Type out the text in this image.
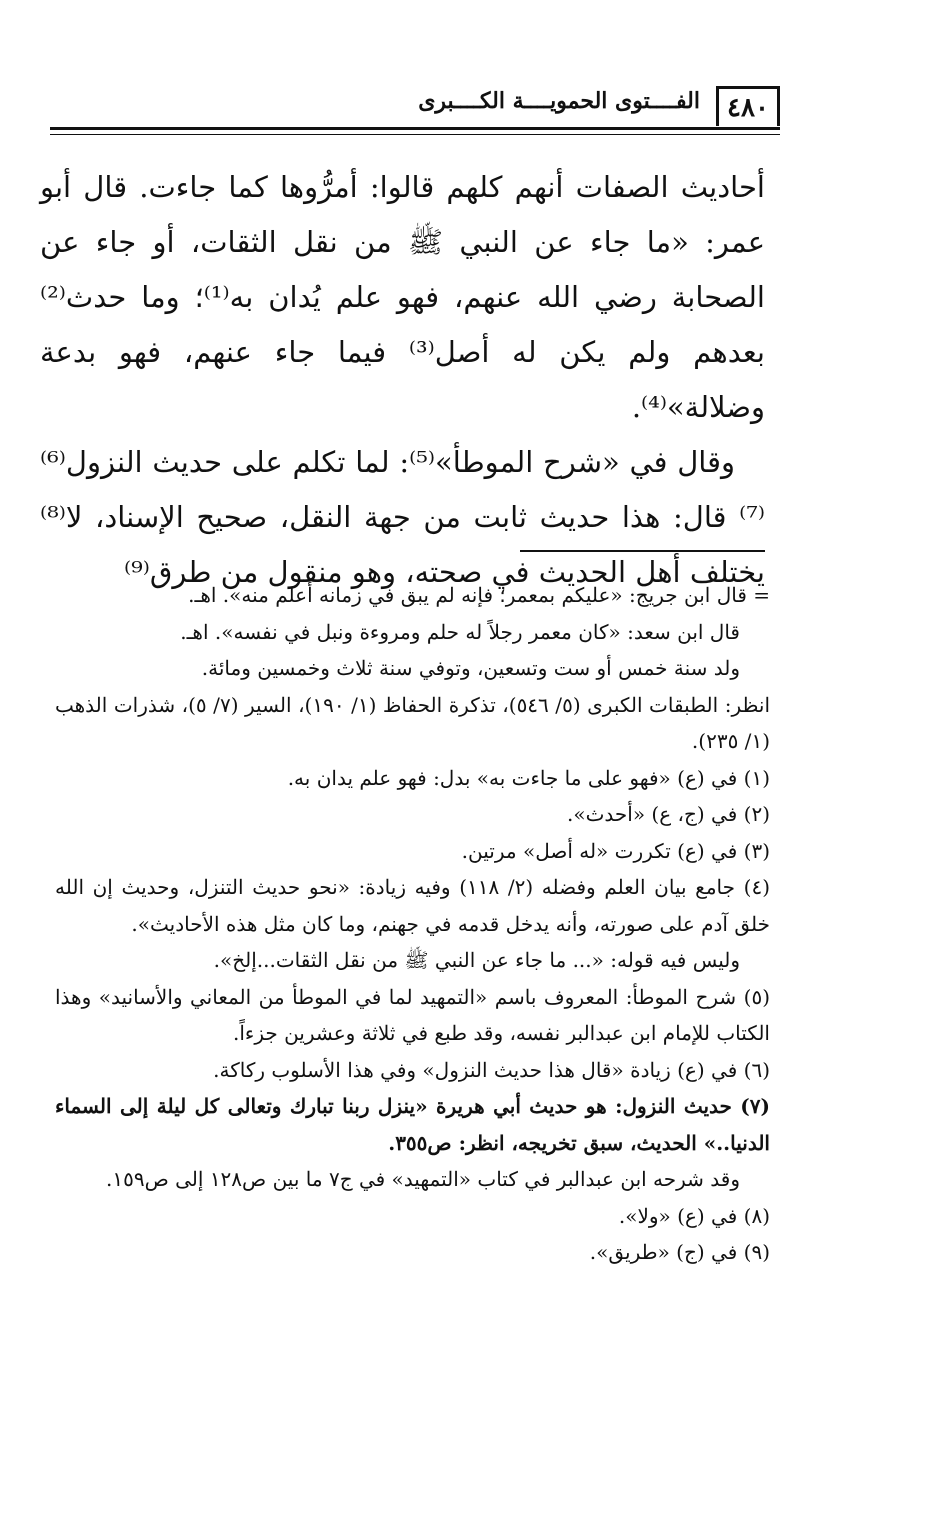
٤٨٠
الفــــتوى الحمويــــة الكــــبرى

أحاديث الصفات أنهم كلهم قالوا: أمرُّوها كما جاءت. قال أبو عمر: «ما جاء عن النبي ﷺ من نقل الثقات، أو جاء عن الصحابة رضي الله عنهم، فهو علم يُدان به⁽¹⁾؛ وما حدث⁽²⁾ بعدهم ولم يكن له أصل⁽³⁾ فيما جاء عنهم، فهو بدعة وضلالة»⁽⁴⁾.

وقال في «شرح الموطأ»⁽⁵⁾: لما تكلم على حديث النزول⁽⁶⁾ ⁽⁷⁾ قال: هذا حديث ثابت من جهة النقل، صحيح الإسناد، لا⁽⁸⁾ يختلف أهل الحديث في صحته، وهو منقول من طرق⁽⁹⁾

= قال ابن جريج: «عليكم بمعمر؛ فإنه لم يبق في زمانه أعلم منه». اهـ.

قال ابن سعد: «كان معمر رجلاً له حلم ومروءة ونبل في نفسه». اهـ.

ولد سنة خمس أو ست وتسعين، وتوفي سنة ثلاث وخمسين ومائة.

انظر: الطبقات الكبرى (٥/ ٥٤٦)، تذكرة الحفاظ (١/ ١٩٠)، السير (٧/ ٥)، شذرات الذهب (١/ ٢٣٥).

(١) في (ع) «فهو على ما جاءت به» بدل: فهو علم يدان به.

(٢) في (ج، ع) «أحدث».

(٣) في (ع) تكررت «له أصل» مرتين.

(٤) جامع بيان العلم وفضله (٢/ ١١٨) وفيه زيادة: «نحو حديث التنزل، وحديث إن الله خلق آدم على صورته، وأنه يدخل قدمه في جهنم، وما كان مثل هذه الأحاديث».

وليس فيه قوله: «... ما جاء عن النبي ﷺ من نقل الثقات...إلخ».

(٥) شرح الموطأ: المعروف باسم «التمهيد لما في الموطأ من المعاني والأسانيد» وهذا الكتاب للإمام ابن عبدالبر نفسه، وقد طبع في ثلاثة وعشرين جزءاً.

(٦) في (ع) زيادة «قال هذا حديث النزول» وفي هذا الأسلوب ركاكة.

(٧) حديث النزول: هو حديث أبي هريرة «ينزل ربنا تبارك وتعالى كل ليلة إلى السماء الدنيا..» الحديث، سبق تخريجه، انظر: ص٣٥٥.

وقد شرحه ابن عبدالبر في كتاب «التمهيد» في ج٧ ما بين ص١٢٨ إلى ص١٥٩.

(٨) في (ع) «ولا».

(٩) في (ج) «طريق».
